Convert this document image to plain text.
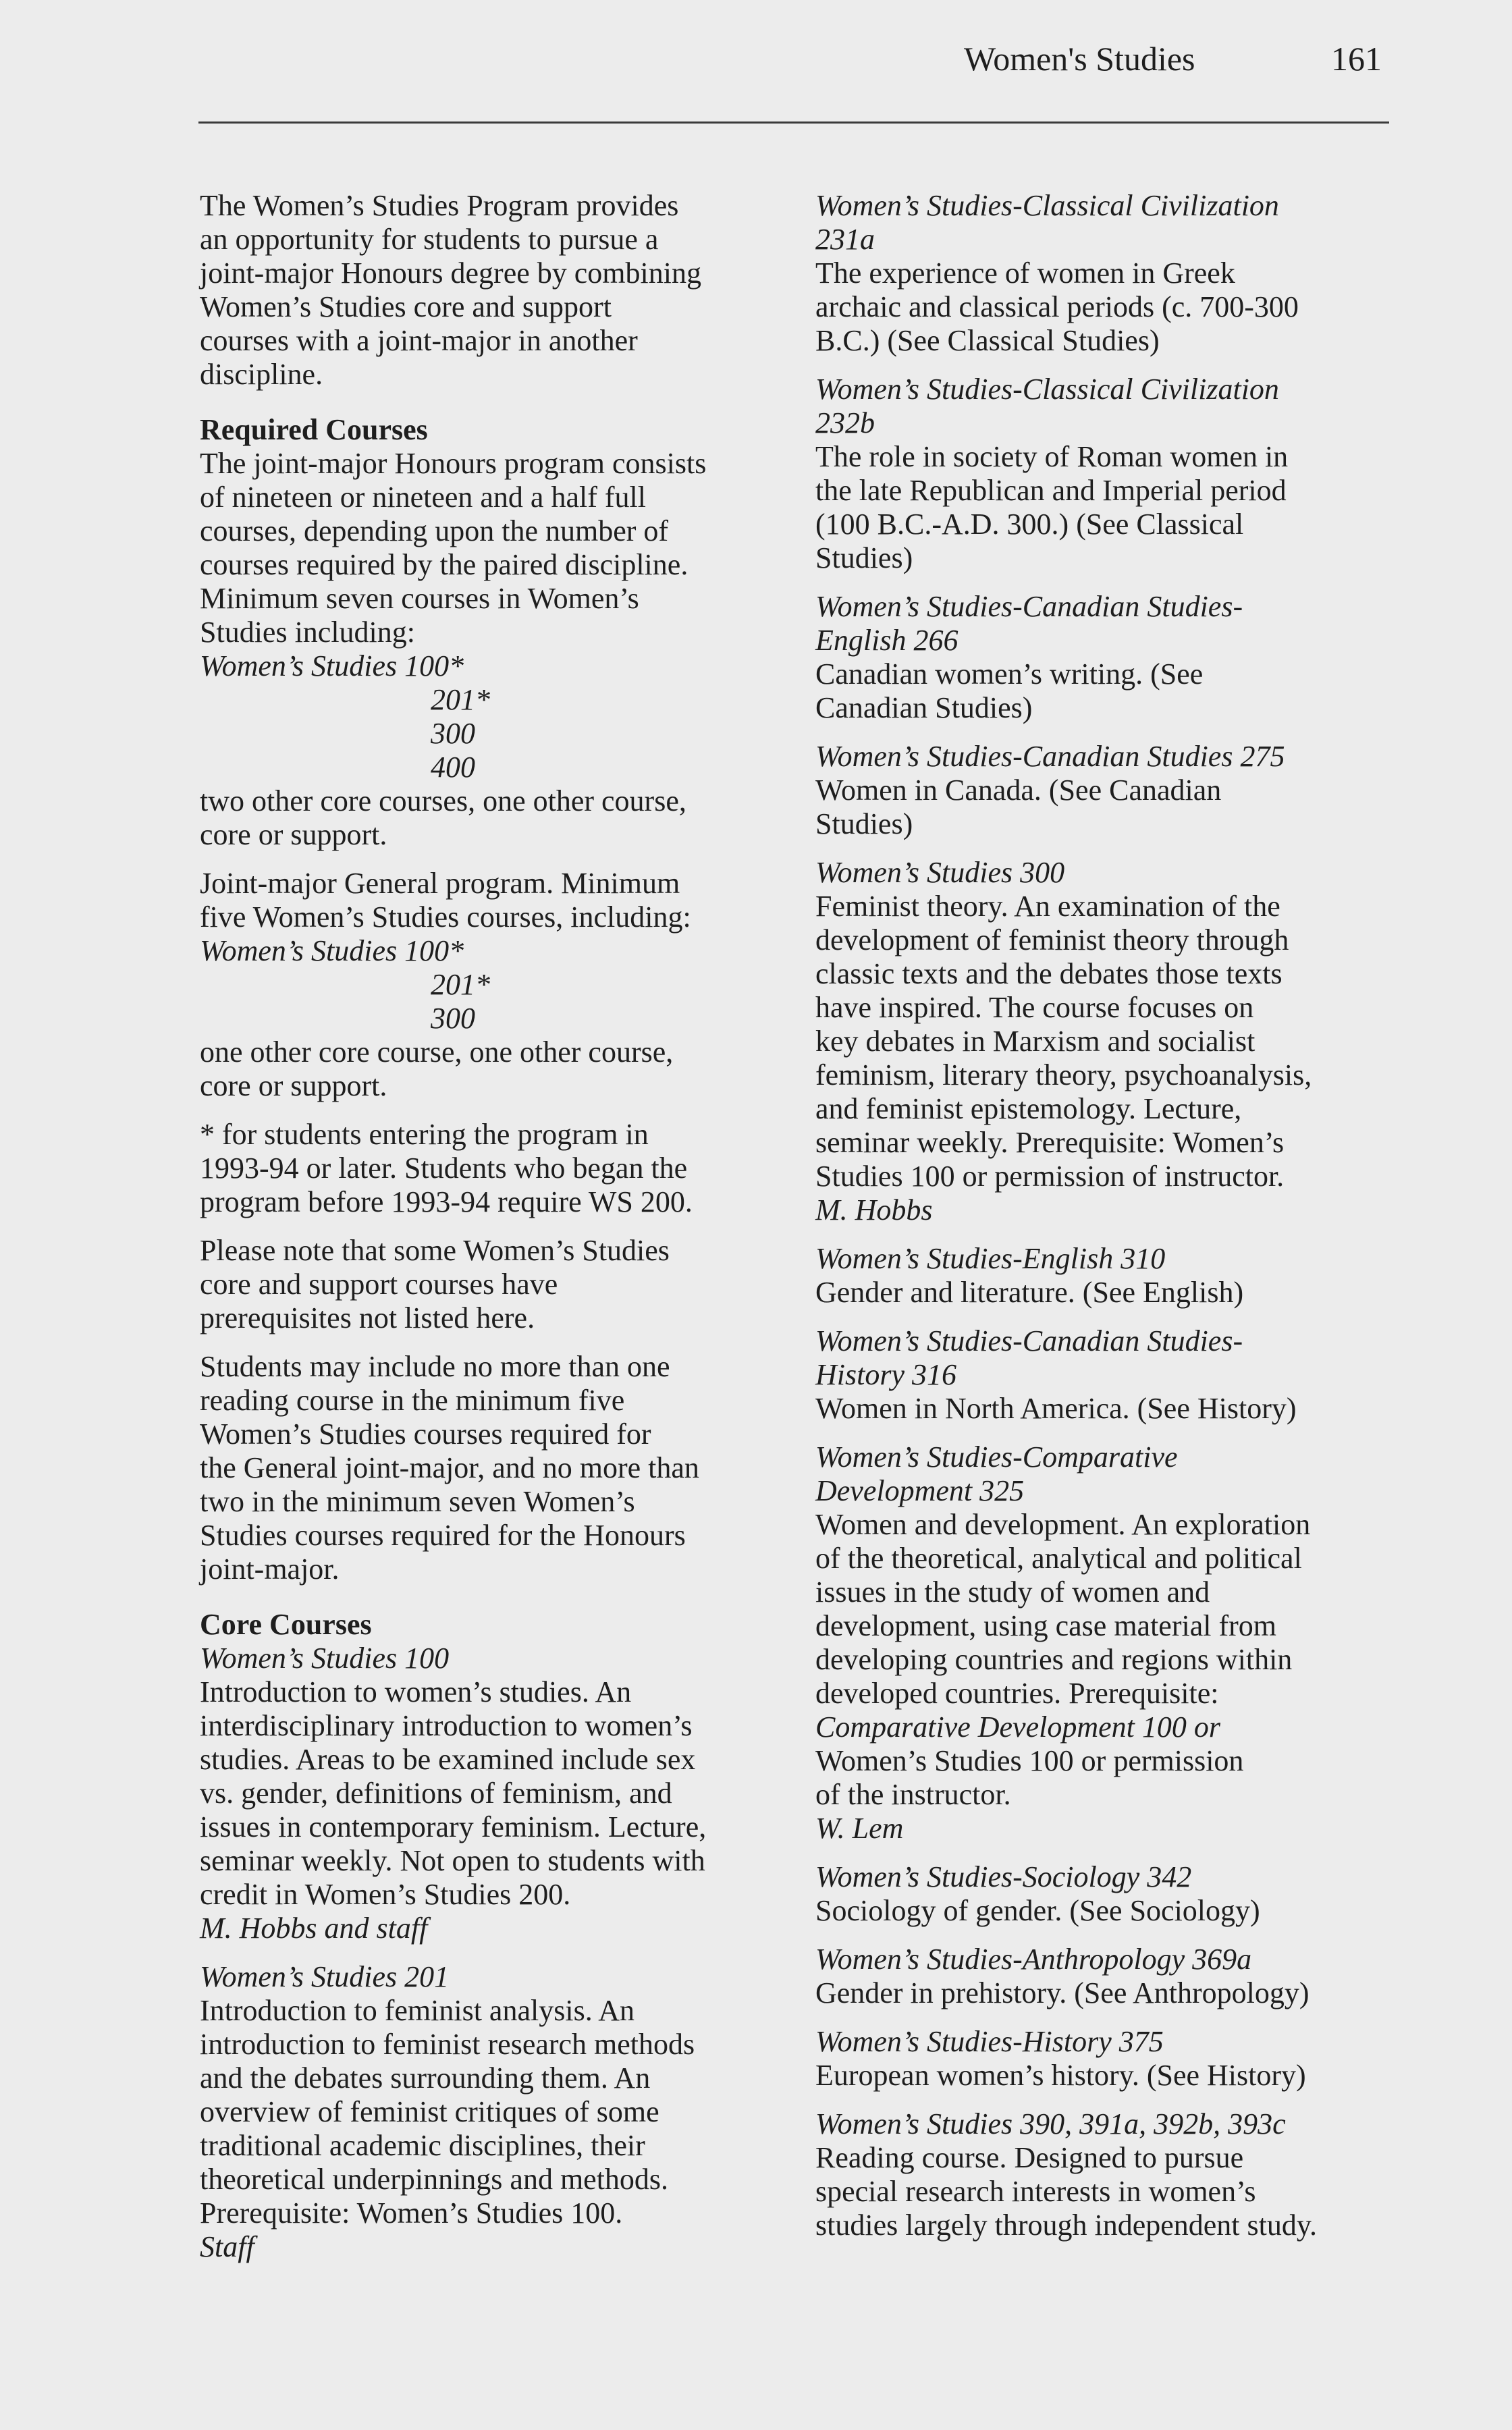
Women's Studies	161
The Women’s Studies Program provides
an opportunity for students to pursue a
joint-major Honours degree by combining
Women’s Studies core and support
courses with a joint-major in another
discipline.
Required Courses
The joint-major Honours program consists
of nineteen or nineteen and a half full
courses, depending upon the number of
courses required by the paired discipline.
Minimum seven courses in Women’s
Studies including:
Women’s Studies 100*
201*
300
400
two other core courses, one other course,
core or support.
Joint-major General program. Minimum
five Women’s Studies courses, including:
Women’s Studies 100*
201*
300
one other core course, one other course,
core or support.
* for students entering the program in
1993-94 or later. Students who began the
program before 1993-94 require WS 200.
Please note that some Women’s Studies
core and support courses have
prerequisites not listed here.
Students may include no more than one
reading course in the minimum five
Women’s Studies courses required for
the General joint-major, and no more than
two in the minimum seven Women’s
Studies courses required for the Honours
joint-major.
Core Courses
Women’s Studies 100
Introduction to women’s studies. An
interdisciplinary introduction to women’s
studies. Areas to be examined include sex
vs. gender, definitions of feminism, and
issues in contemporary feminism. Lecture,
seminar weekly. Not open to students with
credit in Women’s Studies 200.
M. Hobbs and staff
Women’s Studies 201
Introduction to feminist analysis. An
introduction to feminist research methods
and the debates surrounding them. An
overview of feminist critiques of some
traditional academic disciplines, their
theoretical underpinnings and methods.
Prerequisite: Women’s Studies 100.
Staff
Women’s Studies-Classical Civilization
231a
The experience of women in Greek
archaic and classical periods (c. 700-300
B.C.) (See Classical Studies)
Women’s Studies-Classical Civilization
232b
The role in society of Roman women in
the late Republican and Imperial period
(100 B.C.-A.D. 300.) (See Classical
Studies)
Women’s Studies-Canadian Studies-
English 266
Canadian women’s writing. (See
Canadian Studies)
Women’s Studies-Canadian Studies 275
Women in Canada. (See Canadian
Studies)
Women’s Studies 300
Feminist theory. An examination of the
development of feminist theory through
classic texts and the debates those texts
have inspired. The course focuses on
key debates in Marxism and socialist
feminism, literary theory, psychoanalysis,
and feminist epistemology. Lecture,
seminar weekly. Prerequisite: Women’s
Studies 100 or permission of instructor.
M. Hobbs
Women’s Studies-English 310
Gender and literature. (See English)
Women’s Studies-Canadian Studies-
History 316
Women in North America. (See History)
Women’s Studies-Comparative
Development 325
Women and development. An exploration
of the theoretical, analytical and political
issues in the study of women and
development, using case material from
developing countries and regions within
developed countries. Prerequisite:
Comparative Development 100 or
Women’s Studies 100 or permission
of the instructor.
W. Lem
Women’s Studies-Sociology 342
Sociology of gender. (See Sociology)
Women’s Studies-Anthropology 369a
Gender in prehistory. (See Anthropology)
Women’s Studies-History 375
European women’s history. (See History)
Women’s Studies 390, 391a, 392b, 393c
Reading course. Designed to pursue
special research interests in women’s
studies largely through independent study.
